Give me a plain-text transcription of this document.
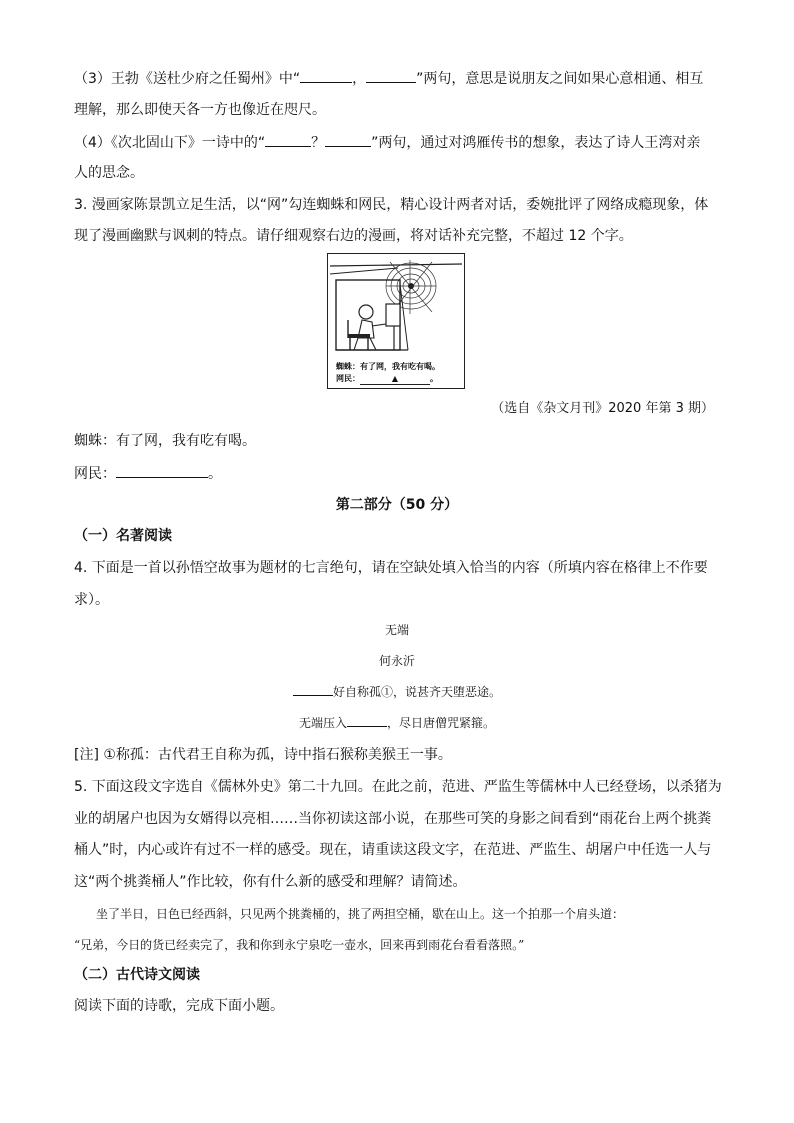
（3）王勃《送杜少府之任蜀州》中“	，	”两句，意思是说朋友之间如果心意相通、相互
理解，那么即使天各一方也像近在咫尺。
（4）《次北固山下》一诗中的“	？	”两句，通过对鸿雁传书的想象，表达了诗人王湾对亲
人的思念。
3. 漫画家陈景凯立足生活，以“网”勾连蜘蛛和网民，精心设计两者对话，委婉批评了网络成瘾现象，体
现了漫画幽默与讽刺的特点。请仔细观察右边的漫画，将对话补充完整，不超过 12 个字。
蜘蛛：有了网，我有吃有喝。
网民：	▲	。
（选自《杂文月刊》2020 年第 3 期）
蜘蛛：有了网，我有吃有喝。
网民：	。
第二部分（50 分）
（一）名著阅读
4. 下面是一首以孙悟空故事为题材的七言绝句，请在空缺处填入恰当的内容（所填内容在格律上不作要
求）。
无端
何永沂
好自称孤①，说甚齐天堕恶途。
无端压入	，尽日唐僧咒紧箍。
[注] ①称孤：古代君王自称为孤，诗中指石猴称美猴王一事。
5. 下面这段文字选自《儒林外史》第二十九回。在此之前，范进、严监生等儒林中人已经登场，以杀猪为
业的胡屠户也因为女婿得以亮相……当你初读这部小说，在那些可笑的身影之间看到“雨花台上两个挑粪
桶人”时，内心或许有过不一样的感受。现在，请重读这段文字，在范进、严监生、胡屠户中任选一人与
这“两个挑粪桶人”作比较，你有什么新的感受和理解？请简述。
坐了半日，日色已经西斜，只见两个挑粪桶的，挑了两担空桶，歇在山上。这一个拍那一个肩头道：
“兄弟，今日的货已经卖完了，我和你到永宁泉吃一壶水，回来再到雨花台看看落照。”
（二）古代诗文阅读
阅读下面的诗歌，完成下面小题。
